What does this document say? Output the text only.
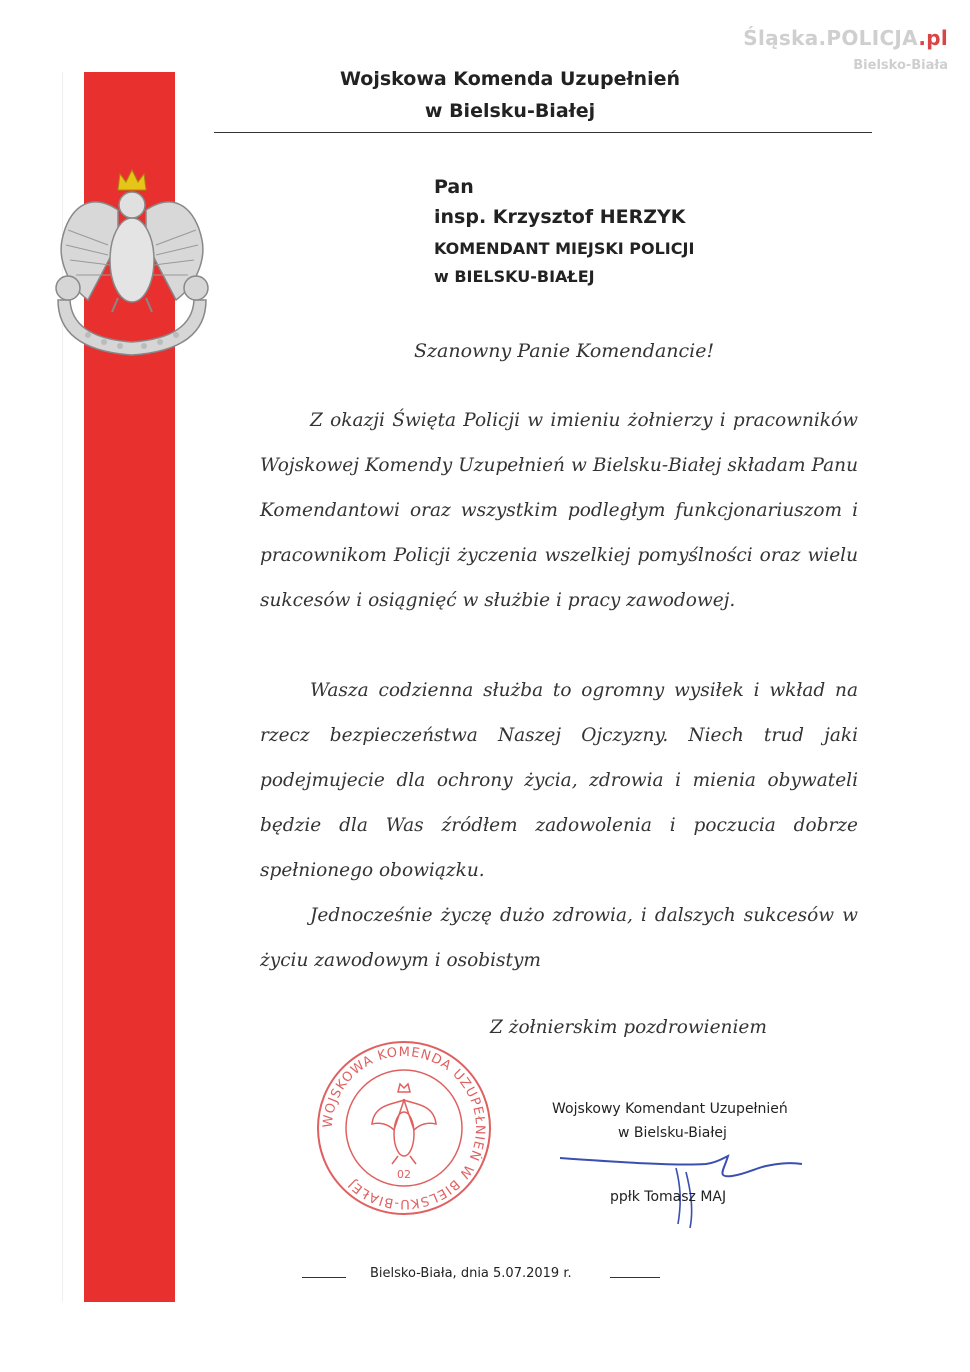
Śląska.POLICJA.pl
Bielsko-Biała
Wojskowa Komenda Uzupełnień
w Bielsku-Białej
Pan
insp. Krzysztof HERZYK
KOMENDANT MIEJSKI POLICJI
w BIELSKU-BIAŁEJ
Szanowny Panie Komendancie!

Z okazji Święta Policji w imieniu żołnierzy i pracowników Wojskowej Komendy Uzupełnień w Bielsku-Białej składam Panu Komendantowi oraz wszystkim podległym funkcjonariuszom i pracownikom Policji życzenia wszelkiej pomyślności oraz wielu sukcesów i osiągnięć w służbie i pracy zawodowej.

Wasza codzienna służba to ogromny wysiłek i wkład na rzecz bezpieczeństwa Naszej Ojczyzny. Niech trud jaki podejmujecie dla ochrony życia, zdrowia i mienia obywateli będzie dla Was źródłem zadowolenia i poczucia dobrze spełnionego obowiązku.

Jednocześnie życzę dużo zdrowia, i dalszych sukcesów w życiu zawodowym i osobistym

Z żołnierskim pozdrowieniem
WOJSKOWA KOMENDA UZUPEŁNIEŃ W BIELSKU-BIAŁEJ
02
Wojskowy Komendant Uzupełnień
w Bielsku-Białej
ppłk Tomasz MAJ
Bielsko-Biała, dnia 5.07.2019 r.
